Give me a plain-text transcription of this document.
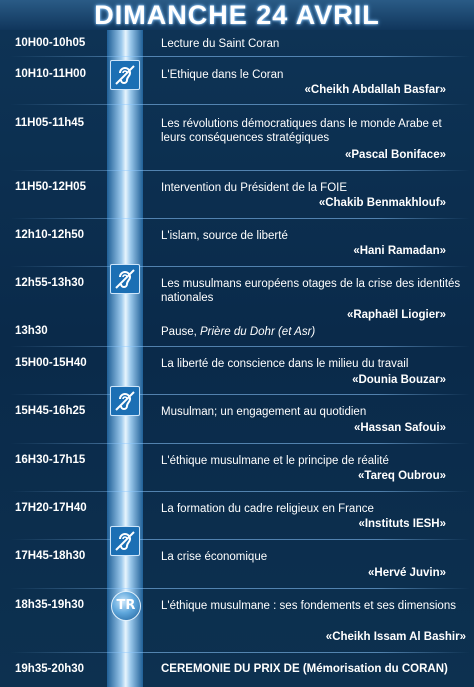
DIMANCHE 24 AVRIL
10H00-10h05	Lecture du Saint Coran
10H10-11H00	L'Ethique dans le Coran
«Cheikh Abdallah Basfar»
11H05-11h45	Les révolutions démocratiques dans le monde Arabe et leurs conséquences stratégiques
«Pascal Boniface»
11H50-12H05	Intervention du Président de la FOIE
«Chakib Benmakhlouf»
12h10-12h50	L'islam, source de liberté
«Hani Ramadan»
12h55-13h30	Les musulmans européens otages de la crise des identités nationales
«Raphaël Liogier»
13h30	Pause, Prière du Dohr (et Asr)
15H00-15H40	La liberté de conscience dans le milieu du travail
«Dounia Bouzar»
15H45-16h25	Musulman; un engagement au quotidien
«Hassan Safoui»
16H30-17h15	L'éthique musulmane et le principe de réalité
«Tareq Oubrou»
17H20-17H40	La formation du cadre religieux en France
«Instituts IESH»
17H45-18h30	La crise économique
«Hervé Juvin»
18h35-19h30	L'éthique musulmane : ses fondements et ses dimensions
«Cheikh Issam Al Bashir»
19h35-20h30	CEREMONIE DU PRIX DE (Mémorisation du CORAN)
TR
